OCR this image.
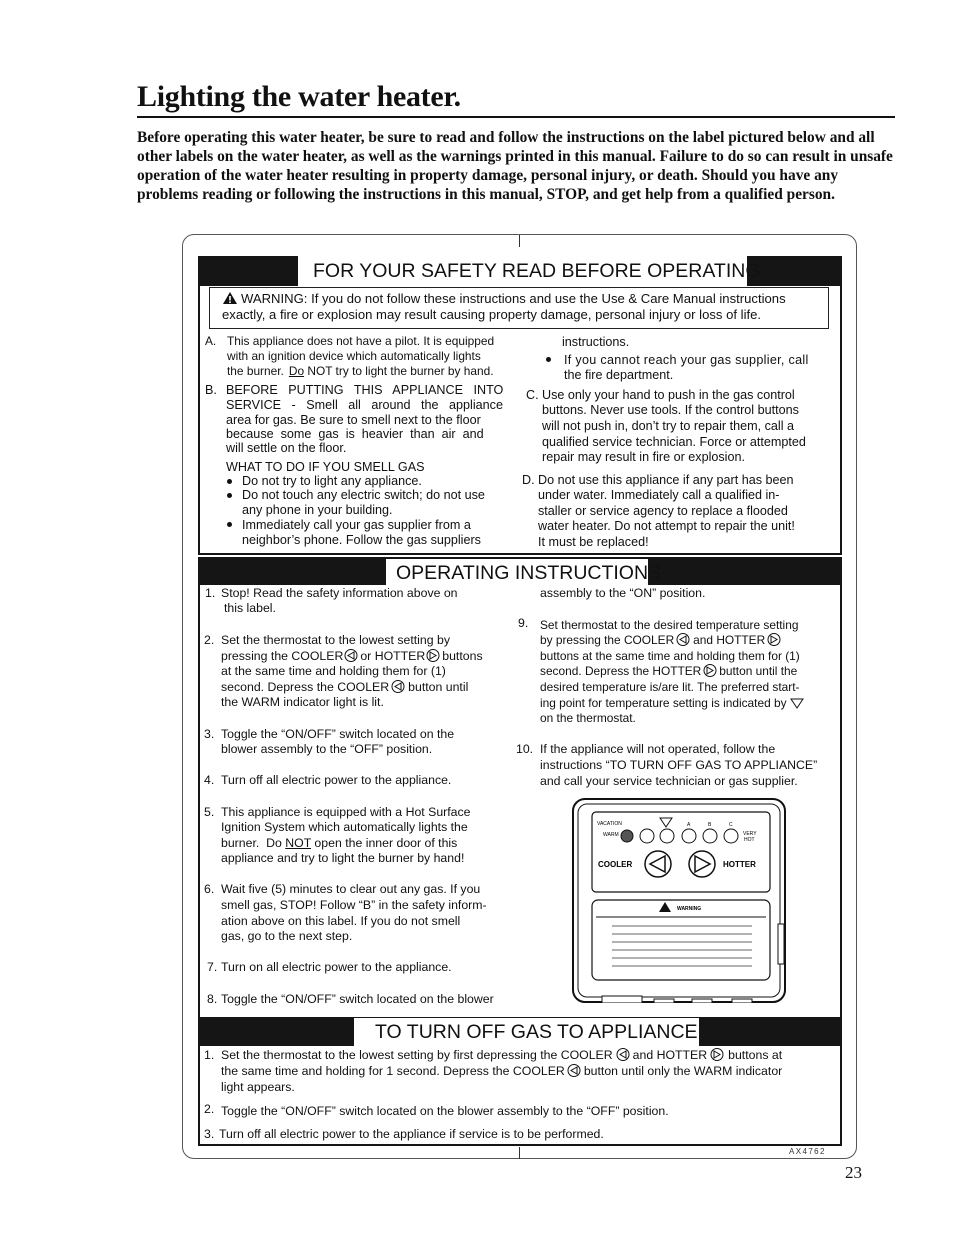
Lighting the water heater.
Before operating this water heater, be sure to read and follow the instructions on the label pictured below and all other labels on the water heater, as well as the warnings printed in this manual. Failure to do so can result in unsafe operation of the water heater resulting in property damage, personal injury, or death. Should you have any problems reading or following the instructions in this manual, STOP, and get help from a qualified person.
FOR YOUR SAFETY READ BEFORE OPERATING
WARNING: If you do not follow these instructions and use the Use & Care Manual instructions
exactly, a fire or explosion may result causing property damage, personal injury or loss of life.
A. This appliance does not have a pilot. It is equipped
with an ignition device which automatically lights
the burner. Do NOT try to light the burner by hand.
B. BEFORE   PUTTING   THIS   APPLIANCE   INTO
SERVICE   -   Smell   all   around   the   appliance
area for gas. Be sure to smell next to the floor
because  some  gas  is  heavier  than  air  and
will settle on the floor.
WHAT TO DO IF YOU SMELL GAS
Do not try to light any appliance.
Do not touch any electric switch; do not use
any phone in your building.
Immediately call your gas supplier from a
neighbor’s phone. Follow the gas suppliers
instructions.
If you cannot reach your gas supplier, call
the fire department.
C. Use only your hand to push in the gas control
buttons. Never use tools. If the control buttons
will not push in, don’t try to repair them, call a
qualified service technician. Force or attempted
repair may result in fire or explosion.
D. Do not use this appliance if any part has been
under water. Immediately call a qualified in-
staller or service agency to replace a flooded
water heater. Do not attempt to repair the unit!
It must be replaced!
OPERATING INSTRUCTIONS
1. Stop! Read the safety information above on
this label.
2. Set the thermostat to the lowest setting by
pressing the COOLER or HOTTER buttons
at the same time and holding them for (1)
second. Depress the COOLER button until
the WARM indicator light is lit.
3. Toggle the “ON/OFF” switch located on the
blower assembly to the “OFF” position.
4. Turn off all electric power to the appliance.
5. This appliance is equipped with a Hot Surface
Ignition System which automatically lights the
burner.  Do NOT open the inner door of this
appliance and try to light the burner by hand!
6. Wait five (5) minutes to clear out any gas. If you
smell gas, STOP! Follow “B” in the safety inform-
ation above on this label. If you do not smell
gas, go to the next step.
7. Turn on all electric power to the appliance.
8. Toggle the “ON/OFF” switch located on the blower
assembly to the “ON” position.
9. Set thermostat to the desired temperature setting
by pressing the COOLER and HOTTER
buttons at the same time and holding them for (1)
second. Depress the HOTTER button until the
desired temperature is/are lit. The preferred start-
ing point for temperature setting is indicated by
on the thermostat.
10. If the appliance will not operated, follow the
instructions “TO TURN OFF GAS TO APPLIANCE”
and call your service technician or gas supplier.
VACATION
WARM
A	B	C
VERY
HOT
COOLER	HOTTER
WARNING
TO TURN OFF GAS TO APPLIANCE
1. Set the thermostat to the lowest setting by first depressing the COOLER and HOTTER buttons at
the same time and holding for 1 second. Depress the COOLER button until only the WARM indicator
light appears.
2. Toggle the “ON/OFF” switch located on the blower assembly to the “OFF” position.
3. Turn off all electric power to the appliance if service is to be performed.
AX4762
23
